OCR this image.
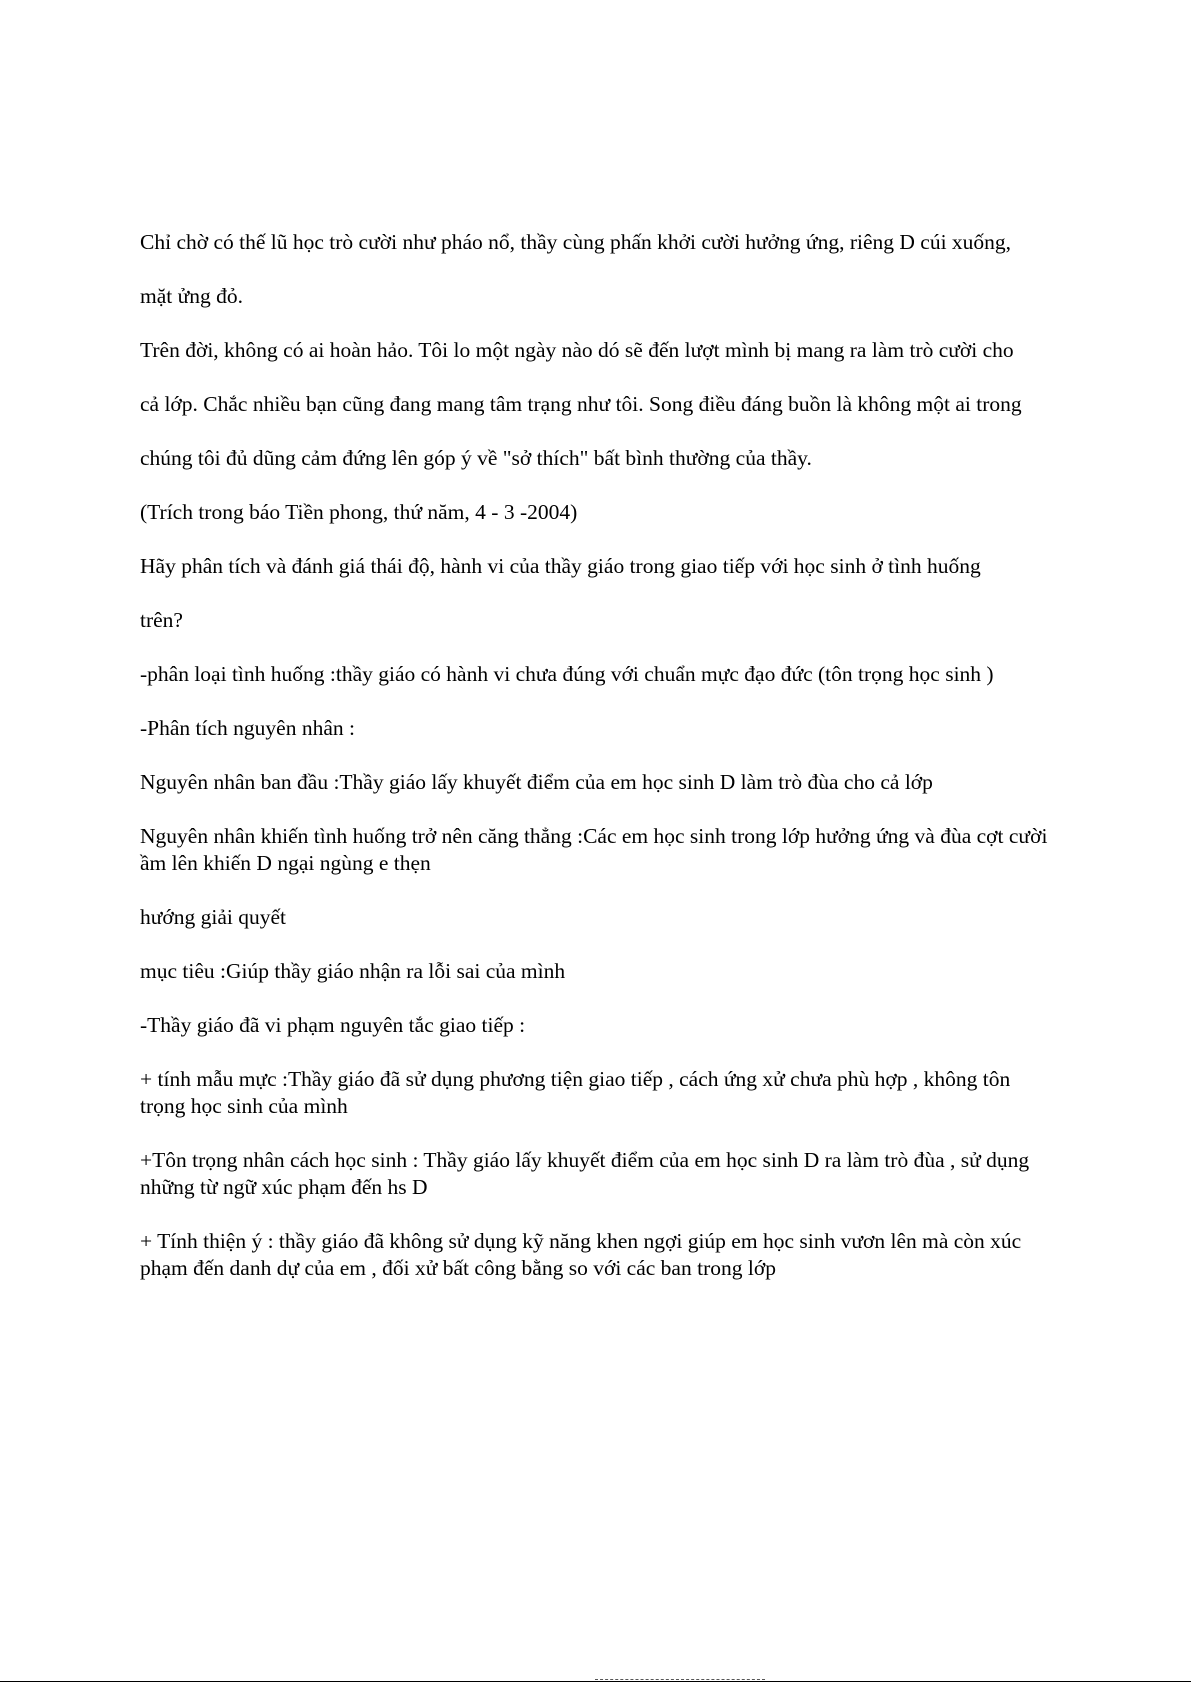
Chỉ chờ có thế lũ học trò cười như pháo nổ, thầy cùng phấn khởi cười hưởng ứng, riêng D cúi xuống,

mặt ửng đỏ.

Trên đời, không có ai hoàn hảo. Tôi lo một ngày nào dó sẽ đến lượt mình bị mang ra làm trò cười cho

cả lớp. Chắc nhiều bạn cũng đang mang tâm trạng như tôi. Song điều đáng buồn là không một ai trong

chúng tôi đủ dũng cảm đứng lên góp ý về "sở thích" bất bình thường của thầy.

(Trích trong báo Tiền phong, thứ năm, 4 - 3 -2004)

Hãy phân tích và đánh giá thái độ, hành vi của thầy giáo trong giao tiếp với học sinh ở tình huống

trên?

-phân loại tình huống :thầy giáo có hành vi chưa đúng với chuẩn mực đạo đức (tôn trọng học sinh )

-Phân tích nguyên nhân :

Nguyên nhân ban đầu :Thầy giáo lấy khuyết điểm của em học sinh D làm trò đùa cho cả lớp

Nguyên nhân khiến tình huống trở nên căng thẳng :Các em học sinh trong lớp hưởng ứng và đùa cợt cười ầm lên khiến D ngại ngùng e thẹn

hướng giải quyết

mục tiêu :Giúp thầy giáo nhận ra lỗi sai của mình

-Thầy giáo đã vi phạm nguyên tắc giao tiếp :

+ tính mẫu mực :Thầy giáo đã sử dụng phương tiện giao tiếp , cách ứng xử chưa phù hợp , không tôn trọng học sinh của mình

+Tôn trọng nhân cách học sinh : Thầy giáo lấy khuyết điểm của em học sinh D ra làm trò đùa , sử dụng những từ ngữ xúc phạm đến hs D

+ Tính thiện ý : thầy giáo đã không sử dụng kỹ năng khen ngợi giúp em học sinh vươn lên mà còn xúc phạm đến danh dự của em , đối xử bất công bằng so với các ban trong lớp
